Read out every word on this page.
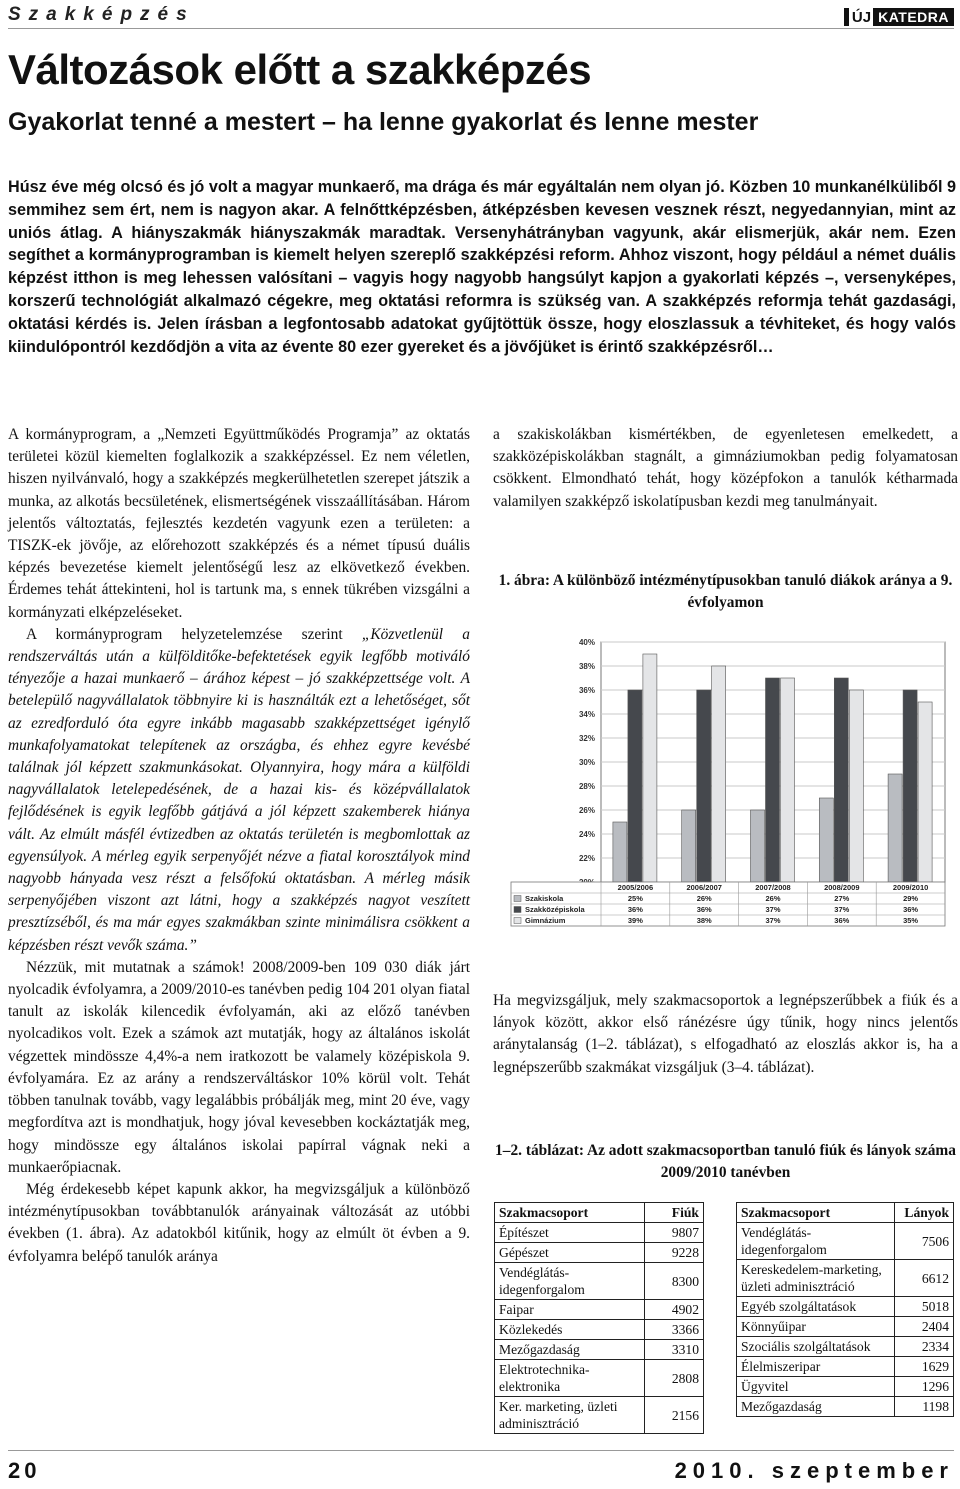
Szakképzés	ÚJ KATEDRA
Változások előtt a szakképzés
Gyakorlat tenné a mestert – ha lenne gyakorlat és lenne mester

Húsz éve még olcsó és jó volt a magyar munkaerő, ma drága és már egyáltalán nem olyan jó. Közben 10 munkanélküliből 9 semmihez sem ért, nem is nagyon akar. A felnőttképzésben, átképzésben kevesen vesznek részt, negyedannyian, mint az uniós átlag. A hiányszakmák hiányszakmák maradtak. Versenyhátrányban vagyunk, akár elismerjük, akár nem. Ezen segíthet a kormányprogramban is kiemelt helyen szereplő szakképzési reform. Ahhoz viszont, hogy például a német duális képzést itthon is meg lehessen valósítani – vagyis hogy nagyobb hangsúlyt kapjon a gyakorlati képzés –, versenyképes, korszerű technológiát alkalmazó cégekre, meg oktatási reformra is szükség van. A szakképzés reformja tehát gazdasági, oktatási kérdés is. Jelen írásban a legfontosabb adatokat gyűjtöttük össze, hogy eloszlassuk a tévhiteket, és hogy valós kiindulópontról kezdődjön a vita az évente 80 ezer gyereket és a jövőjüket is érintő szakképzésről…

A kormányprogram, a „Nemzeti Együttműködés Programja” az oktatás területei közül kiemelten foglalkozik a szakképzéssel. Ez nem véletlen, hiszen nyilvánvaló, hogy a szakképzés megkerülhetetlen szerepet játszik a munka, az alkotás becsületének, elismertségének visszaállításában. Három jelentős változtatás, fejlesztés kezdetén vagyunk ezen a területen: a TISZK-ek jövője, az előrehozott szakképzés és a német típusú duális képzés bevezetése kiemelt jelentőségű lesz az elkövetkező években. Érdemes tehát áttekinteni, hol is tartunk ma, s ennek tükrében vizsgálni a kormányzati elképzeléseket.

A kormányprogram helyzetelemzése szerint „Közvetlenül a rendszerváltás után a külfölditőke-befektetések egyik legfőbb motiváló tényezője a hazai munkaerő – árához képest – jó szakképzettsége volt. A betelepülő nagyvállalatok többnyire ki is használták ezt a lehetőséget, sőt az ezredforduló óta egyre inkább magasabb szakképzettséget igénylő munkafolyamatokat telepítenek az országba, és ehhez egyre kevésbé találnak jól képzett szakmunkásokat. Olyannyira, hogy mára a külföldi nagyvállalatok letelepedésének, de a hazai kis- és középvállalatok fejlődésének is egyik legfőbb gátjává a jól képzett szakemberek hiánya vált. Az elmúlt másfél évtizedben az oktatás területén is megbomlottak az egyensúlyok. A mérleg egyik serpenyőjét nézve a fiatal korosztályok mind nagyobb hányada vesz részt a felsőfokú oktatásban. A mérleg másik serpenyőjében viszont azt látni, hogy a szakképzés nagyot veszített presztízséből, és ma már egyes szakmákban szinte minimálisra csökkent a képzésben részt vevők száma.”

Nézzük, mit mutatnak a számok! 2008/2009-ben 109 030 diák járt nyolcadik évfolyamra, a 2009/2010-es tanévben pedig 104 201 olyan fiatal tanult az iskolák kilencedik évfolyamán, aki az előző tanévben nyolcadikos volt. Ezek a számok azt mutatják, hogy az általános iskolát végzettek mindössze 4,4%-a nem iratkozott be valamely középiskola 9. évfolyamára. Ez az arány a rendszerváltáskor 10% körül volt. Tehát többen tanulnak tovább, vagy legalábbis próbálják meg, mint 20 éve, vagy megfordítva azt is mondhatjuk, hogy jóval kevesebben kockáztatják meg, hogy mindössze egy általános iskolai papírral vágnak neki a munkaerőpiacnak.

Még érdekesebb képet kapunk akkor, ha megvizsgáljuk a különböző intézménytípusokban továbbtanulók arányainak változását az utóbbi években (1. ábra). Az adatokból kitűnik, hogy az elmúlt öt évben a 9. évfolyamra belépő tanulók aránya

a szakiskolákban kismértékben, de egyenletesen emelkedett, a szakközépiskolákban stagnált, a gimnáziumokban pedig folyamatosan csökkent. Elmondható tehát, hogy középfokon a tanulók kétharmada valamilyen szakképző iskolatípusban kezdi meg tanulmányait.

1. ábra: A különböző intézménytípusokban tanuló diákok aránya a 9. évfolyamon

22%
24%
26%
28%
30%
32%
34%
36%
38%
40%
2005/2006	2006/2007	2007/2008	2008/2009	2009/2010
Szakiskola	25%	26%	26%	27%	29%
Szakközépiskola	36%	36%	37%	37%	36%
Gimnázium	39%	38%	37%	36%	35%

1–2. táblázat: Az adott szakmacsoportban tanuló fiúk és lányok száma 2009/2010 tanévben

Szakmacsoport	Fiúk
Építészet	9807
Gépészet	9228
Vendéglátás-idegenforgalom	8300
Faipar	4902
Közlekedés	3366
Mezőgazdaság	3310
Elektrotechnika-elektronika	2808
Ker. marketing, üzleti adminisztráció	2156
Szakmacsoport	Lányok
Vendéglátás-idegenforgalom	7506
Kereskedelem-marketing, üzleti adminisztráció	6612
Egyéb szolgáltatások	5018
Könnyűipar	2404
Szociális szolgáltatások	2334
Élelmiszeripar	1629
Ügyvitel	1296
Mezőgazdaság	1198

Ha megvizsgáljuk, mely szakmacsoportok a legnépszerűbbek a fiúk és a lányok között, akkor első ránézésre úgy tűnik, hogy nincs jelentős aránytalanság (1–2. táblázat), s elfogadható az eloszlás akkor is, ha a legnépszerűbb szakmákat vizsgáljuk (3–4. táblázat).

20	2010. szeptember
